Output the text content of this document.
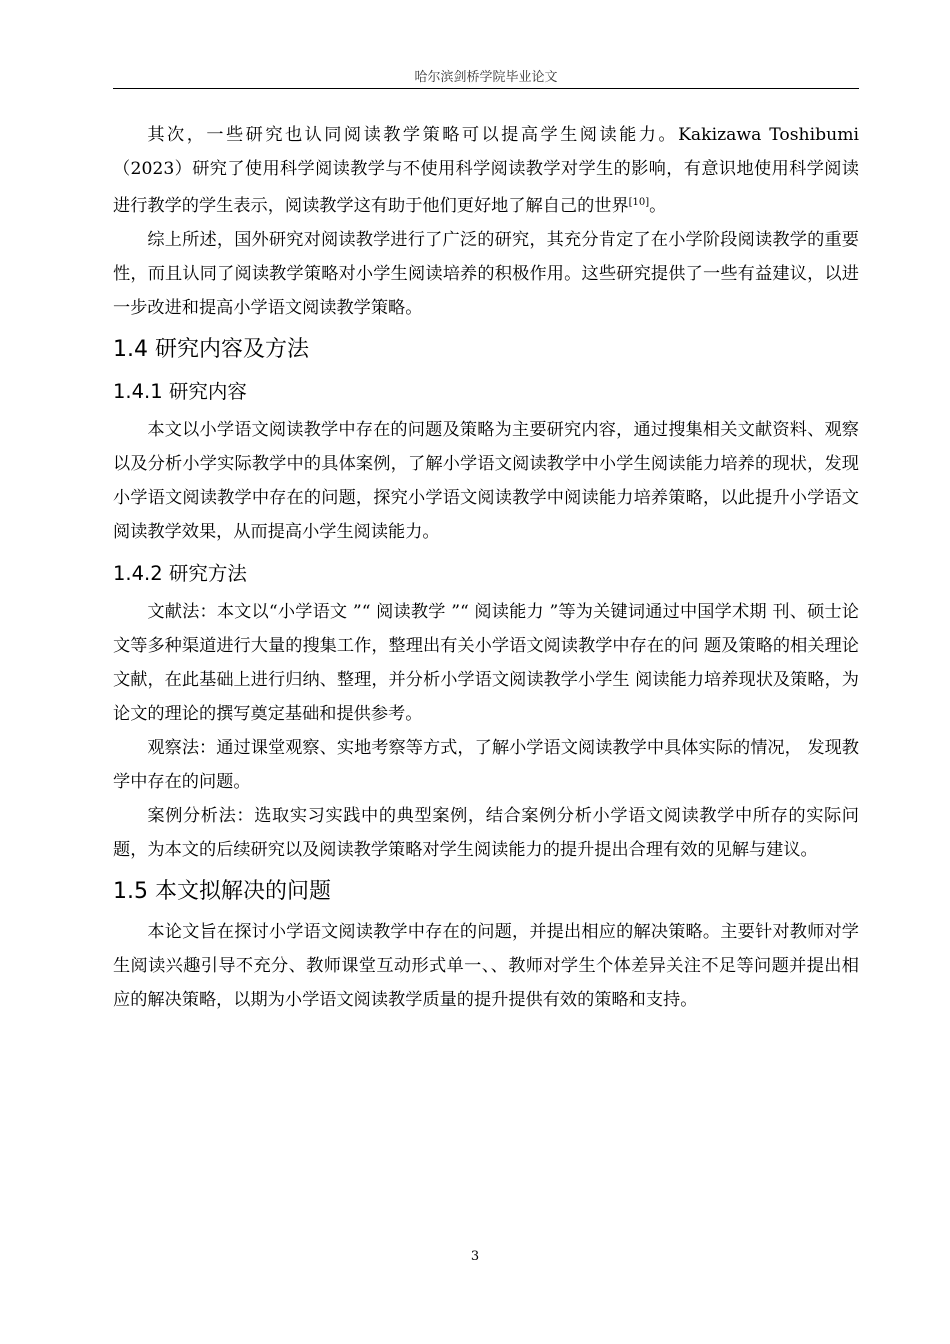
哈尔滨剑桥学院毕业论文

其次，一些研究也认同阅读教学策略可以提高学生阅读能力。Kakizawa Toshibumi（2023）研究了使用科学阅读教学与不使用科学阅读教学对学生的影响，有意识地使用科学阅读进行教学的学生表示，阅读教学这有助于他们更好地了解自己的世界[10]。

综上所述，国外研究对阅读教学进行了广泛的研究，其充分肯定了在小学阶段阅读教学的重要性，而且认同了阅读教学策略对小学生阅读培养的积极作用。这些研究提供了一些有益建议，以进一步改进和提高小学语文阅读教学策略。

1.4 研究内容及方法
1.4.1 研究内容

本文以小学语文阅读教学中存在的问题及策略为主要研究内容，通过搜集相关文献资料、观察以及分析小学实际教学中的具体案例，了解小学语文阅读教学中小学生阅读能力培养的现状，发现小学语文阅读教学中存在的问题，探究小学语文阅读教学中阅读能力培养策略，以此提升小学语文阅读教学效果，从而提高小学生阅读能力。

1.4.2 研究方法

文献法：本文以“小学语文 ”“ 阅读教学 ”“ 阅读能力 ”等为关键词通过中国学术期 刊、硕士论文等多种渠道进行大量的搜集工作，整理出有关小学语文阅读教学中存在的问 题及策略的相关理论文献，在此基础上进行归纳、整理，并分析小学语文阅读教学小学生 阅读能力培养现状及策略，为论文的理论的撰写奠定基础和提供参考。

观察法：通过课堂观察、实地考察等方式，了解小学语文阅读教学中具体实际的情况， 发现教学中存在的问题。

案例分析法：选取实习实践中的典型案例，结合案例分析小学语文阅读教学中所存的实际问题，为本文的后续研究以及阅读教学策略对学生阅读能力的提升提出合理有效的见解与建议。

1.5 本文拟解决的问题

本论文旨在探讨小学语文阅读教学中存在的问题，并提出相应的解决策略。主要针对教师对学生阅读兴趣引导不充分、教师课堂互动形式单一、、教师对学生个体差异关注不足等问题并提出相应的解决策略，以期为小学语文阅读教学质量的提升提供有效的策略和支持。

3
